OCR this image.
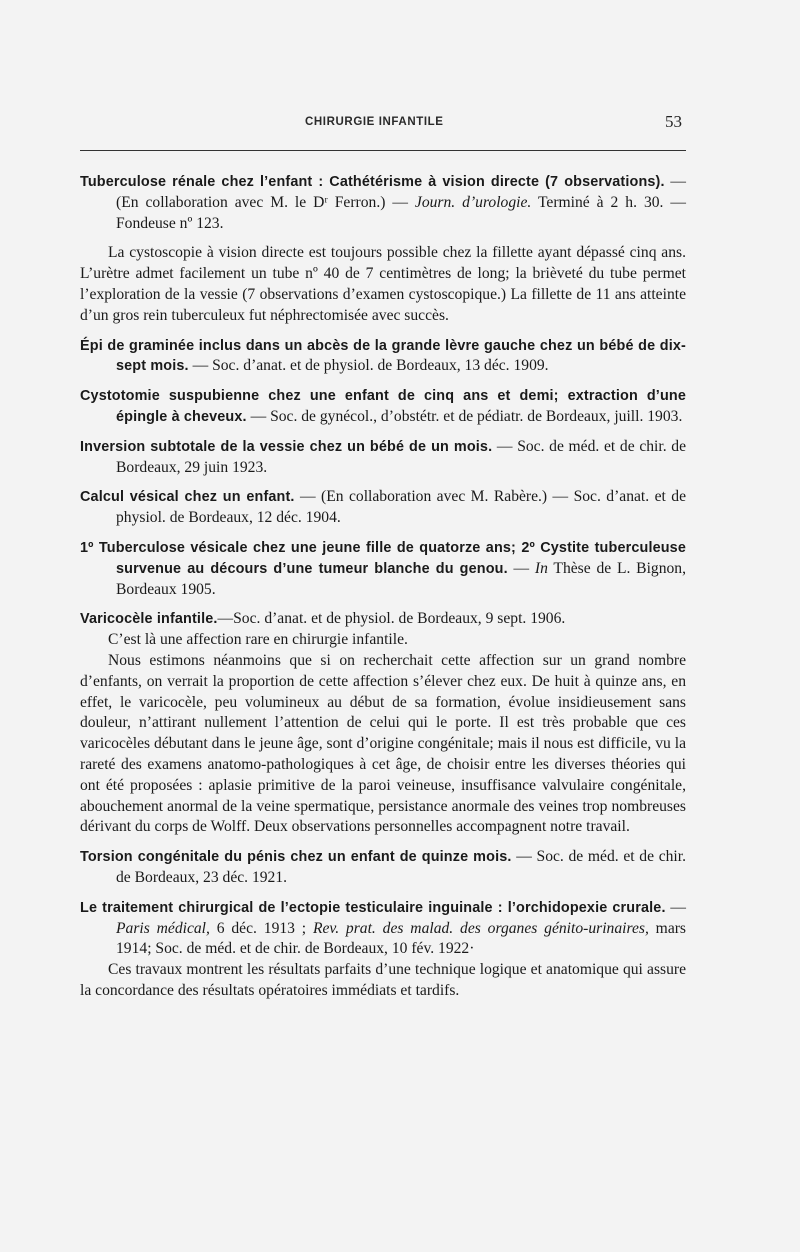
CHIRURGIE INFANTILE	53

Tuberculose rénale chez l’enfant : Cathétérisme à vision directe (7 observations). — (En collaboration avec M. le Dʳ Ferron.) — Journ. d’urologie. Terminé à 2 h. 30. — Fondeuse nº 123.

La cystoscopie à vision directe est toujours possible chez la fillette ayant dépassé cinq ans. L’urètre admet facilement un tube nº 40 de 7 centimètres de long; la brièveté du tube permet l’exploration de la vessie (7 observations d’examen cystoscopique.) La fillette de 11 ans atteinte d’un gros rein tuberculeux fut néphrectomisée avec succès.

Épi de graminée inclus dans un abcès de la grande lèvre gauche chez un bébé de dix-sept mois. — Soc. d’anat. et de physiol. de Bordeaux, 13 déc. 1909.

Cystotomie suspubienne chez une enfant de cinq ans et demi; extraction d’une épingle à cheveux. — Soc. de gynécol., d’obstétr. et de pédiatr. de Bordeaux, juill. 1903.

Inversion subtotale de la vessie chez un bébé de un mois. — Soc. de méd. et de chir. de Bordeaux, 29 juin 1923.

Calcul vésical chez un enfant. — (En collaboration avec M. Rabère.) — Soc. d’anat. et de physiol. de Bordeaux, 12 déc. 1904.

1º Tuberculose vésicale chez une jeune fille de quatorze ans; 2º Cystite tuberculeuse survenue au décours d’une tumeur blanche du genou. — In Thèse de L. Bignon, Bordeaux 1905.

Varicocèle infantile.—Soc. d’anat. et de physiol. de Bordeaux, 9 sept. 1906.

C’est là une affection rare en chirurgie infantile.

Nous estimons néanmoins que si on recherchait cette affection sur un grand nombre d’enfants, on verrait la proportion de cette affection s’élever chez eux. De huit à quinze ans, en effet, le varicocèle, peu volumineux au début de sa formation, évolue insidieusement sans douleur, n’attirant nullement l’attention de celui qui le porte. Il est très probable que ces varicocèles débutant dans le jeune âge, sont d’origine congénitale; mais il nous est difficile, vu la rareté des examens anatomo-pathologiques à cet âge, de choisir entre les diverses théories qui ont été proposées : aplasie primitive de la paroi veineuse, insuffisance valvulaire congénitale, abouchement anormal de la veine spermatique, persistance anormale des veines trop nombreuses dérivant du corps de Wolff. Deux observations personnelles accompagnent notre travail.

Torsion congénitale du pénis chez un enfant de quinze mois. — Soc. de méd. et de chir. de Bordeaux, 23 déc. 1921.

Le traitement chirurgical de l’ectopie testiculaire inguinale : l’orchidopexie crurale. — Paris médical, 6 déc. 1913 ; Rev. prat. des malad. des organes génito-urinaires, mars 1914; Soc. de méd. et de chir. de Bordeaux, 10 fév. 1922·

Ces travaux montrent les résultats parfaits d’une technique logique et anatomique qui assure la concordance des résultats opératoires immédiats et tardifs.
